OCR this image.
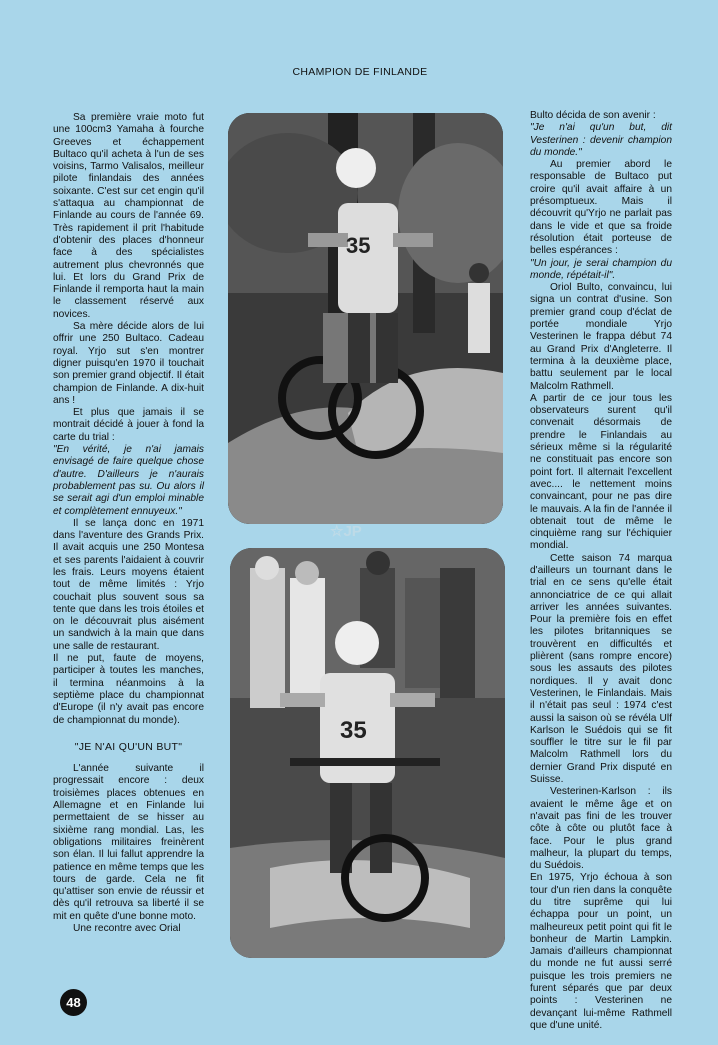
CHAMPION DE FINLANDE

Sa première vraie moto fut une 100cm3 Yamaha à fourche Greeves et échappement Bultaco qu'il acheta à l'un de ses voisins, Tarmo Valisalos, meilleur pilote finlandais des années soixante. C'est sur cet engin qu'il s'attaqua au championnat de Finlande au cours de l'année 69. Très rapidement il prit l'habitude d'obtenir des places d'honneur face à des spécialistes autrement plus chevronnés que lui. Et lors du Grand Prix de Finlande il remporta haut la main le classement réservé aux novices.

Sa mère décide alors de lui offrir une 250 Bultaco. Cadeau royal. Yrjo sut s'en montrer digner puisqu'en 1970 il touchait son premier grand objectif. Il était champion de Finlande. A dix-huit ans !

Et plus que jamais il se montrait décidé à jouer à fond la carte du trial :

"En vérité, je n'ai jamais envisagé de faire quelque chose d'autre. D'ailleurs je n'aurais probablement pas su. Ou alors il se serait agi d'un emploi minable et complètement ennuyeux."

Il se lança donc en 1971 dans l'aventure des Grands Prix. Il avait acquis une 250 Montesa et ses parents l'aidaient à couvrir les frais. Leurs moyens étaient tout de même limités : Yrjo couchait plus souvent sous sa tente que dans les trois étoiles et on le découvrait plus aisément un sandwich à la main que dans une salle de restaurant.

Il ne put, faute de moyens, participer à toutes les manches, il termina néanmoins à la septième place du championnat d'Europe (il n'y avait pas encore de championnat du monde).

"JE N'AI QU'UN BUT"

L'année suivante il progressait encore : deux troisièmes places obtenues en Allemagne et en Finlande lui permettaient de se hisser au sixième rang mondial. Las, les obligations militaires freinèrent son élan. Il lui fallut apprendre la patience en même temps que les tours de garde. Cela ne fit qu'attiser son envie de réussir et dès qu'il retrouva sa liberté il se mit en quête d'une bonne moto.

Une recontre avec Orial

35
☆JP
35

Bulto décida de son avenir :

"Je n'ai qu'un but, dit Vesterinen : devenir champion du monde."

Au premier abord le responsable de Bultaco put croire qu'il avait affaire à un présomptueux. Mais il découvrit qu'Yrjo ne parlait pas dans le vide et que sa froide résolution était porteuse de belles espérances :

"Un jour, je serai champion du monde, répétait-il".

Oriol Bulto, convaincu, lui signa un contrat d'usine. Son premier grand coup d'éclat de portée mondiale Yrjo Vesterinen le frappa début 74 au Grand Prix d'Angleterre. Il termina à la deuxième place, battu seulement par le local Malcolm Rathmell.

A partir de ce jour tous les observateurs surent qu'il convenait désormais de prendre le Finlandais au sérieux même si la régularité ne constituait pas encore son point fort. Il alternait l'excellent avec.... le nettement moins convaincant, pour ne pas dire le mauvais. A la fin de l'année il obtenait tout de même le cinquième rang sur l'échiquier mondial.

Cette saison 74 marqua d'ailleurs un tournant dans le trial en ce sens qu'elle était annonciatrice de ce qui allait arriver les années suivantes. Pour la première fois en effet les pilotes britanniques se trouvèrent en difficultés et plièrent (sans rompre encore) sous les assauts des pilotes nordiques. Il y avait donc Vesterinen, le Finlandais. Mais il n'était pas seul : 1974 c'est aussi la saison où se révéla Ulf Karlson le Suédois qui se fit souffler le titre sur le fil par Malcolm Rathmell lors du dernier Grand Prix disputé en Suisse.

Vesterinen-Karlson : ils avaient le même âge et on n'avait pas fini de les trouver côte à côte ou plutôt face à face. Pour le plus grand malheur, la plupart du temps, du Suédois.

En 1975, Yrjo échoua à son tour d'un rien dans la conquête du titre suprême qui lui échappa pour un point, un malheureux petit point qui fit le bonheur de Martin Lampkin. Jamais d'ailleurs championnat du monde ne fut aussi serré puisque les trois premiers ne furent séparés que par deux points : Vesterinen ne devançant lui-même Rathmell que d'une unité.

48
